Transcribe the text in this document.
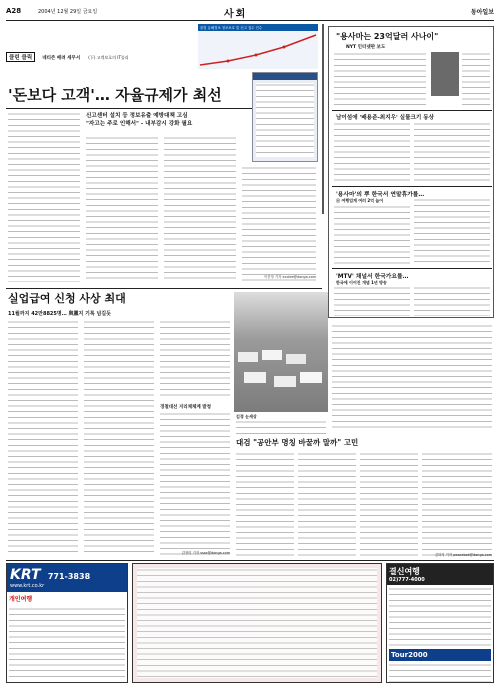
A28	2004년 12월 29일 금요일	사회	동아일보
클린 클릭 네티즌 배려 세무서 (下) 고객보호의 IT물리
불법 유해정보 정보보호 및 신고 접수 건수
'돈보다 고객'… 자율규제가 최선
신고센터 설치 등 정보유출 예방대책 고심
"자고는 주로 인해서" - 내부감시 강화 필요
이진영 기자 ecolee@donga.com
"용사마는 23억달러 사나이"
NYT 인터넷판 보도
남이섬에 '배용준-최지우' 실물크기 동상
'용사마'의 뿌 한국서 연말휴가를…
日 여행업계 여러 2억 늘어
'MTV' 채널서 한국가요를…
한국에 이어진 개념 1년 방송
실업급여 신청 사상 최대
11월까지 42만8825명… 與黨지 기록 넘길듯
경철대선 지리체체계 발청
김현미 기자 ssac@donga.com
김경 눈세상
대검 "공안부 명칭 바꿀까 말까" 고민
김하지 기자 peacebok@donga.com
KRT 771-3838
www.krt.co.kr
개인여행
결신여행
02)777-4000
Tour2000
